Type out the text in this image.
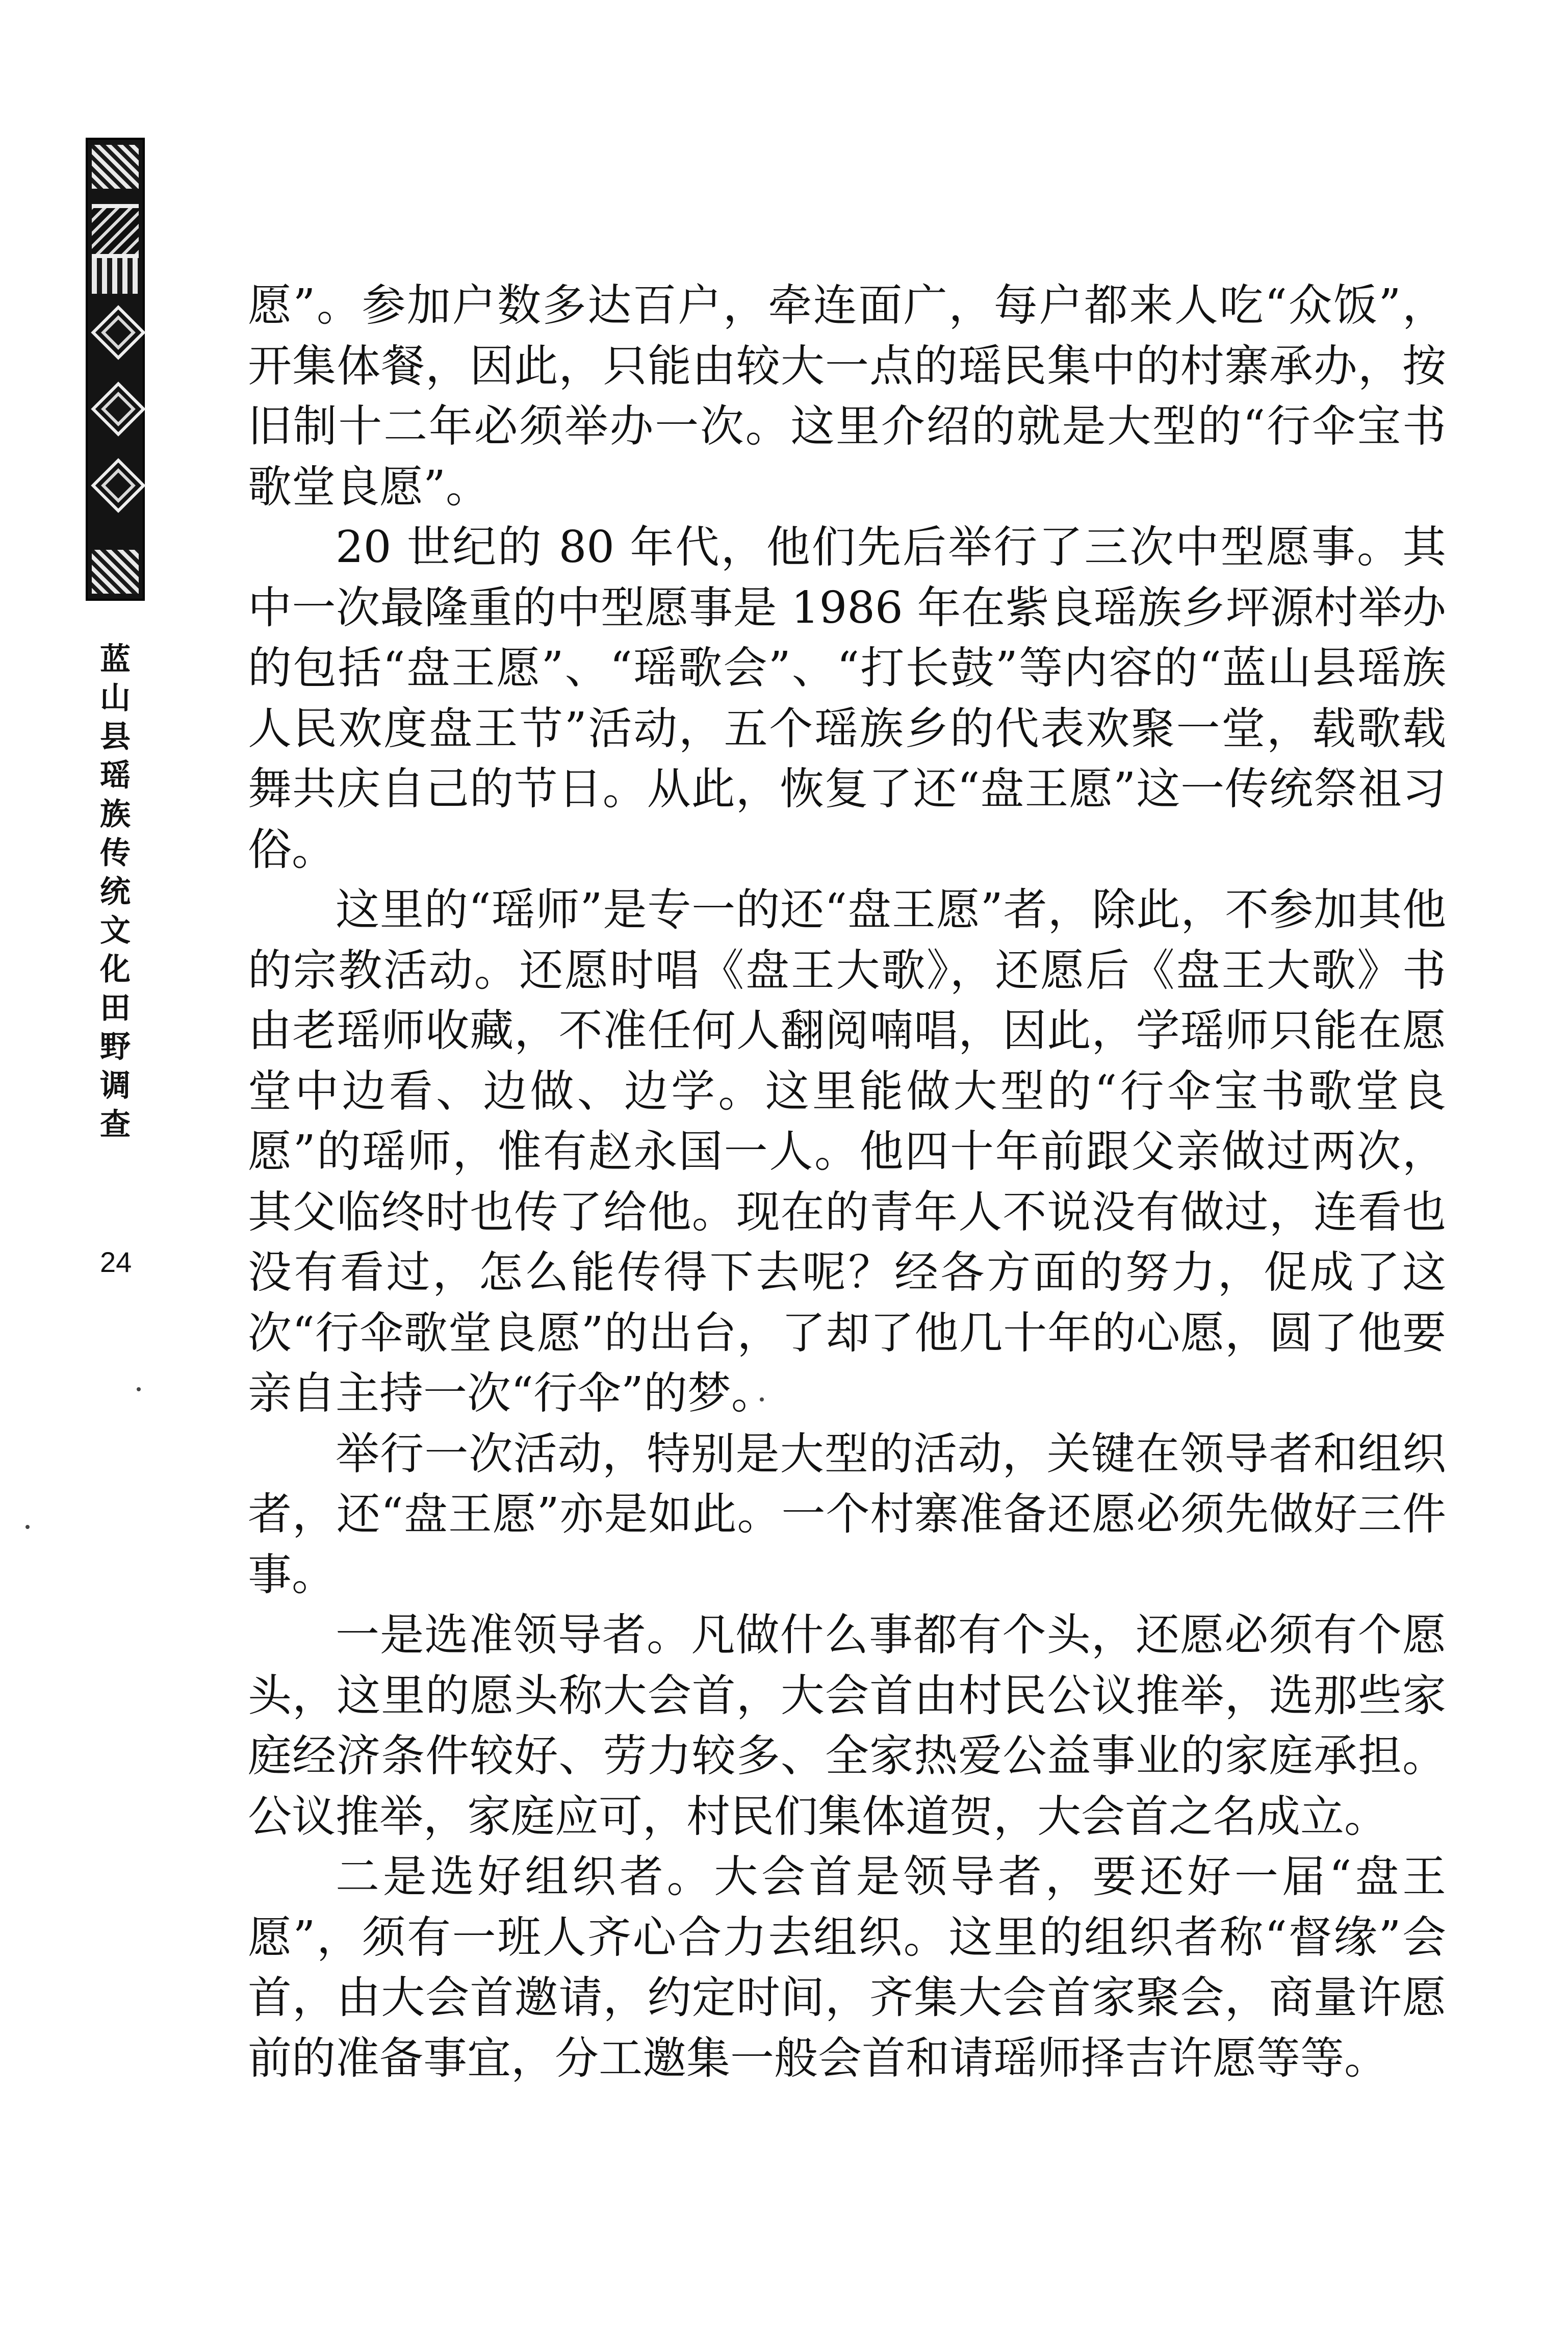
蓝山县瑶族传统文化田野调查
24

愿”。参加户数多达百户，牵连面广，每户都来人吃“众饭”，开集体餐，因此，只能由较大一点的瑶民集中的村寨承办，按旧制十二年必须举办一次。这里介绍的就是大型的“行伞宝书歌堂良愿”。

20 世纪的 80 年代，他们先后举行了三次中型愿事。其中一次最隆重的中型愿事是 1986 年在紫良瑶族乡坪源村举办的包括“盘王愿”、“瑶歌会”、“打长鼓”等内容的“蓝山县瑶族人民欢度盘王节”活动，五个瑶族乡的代表欢聚一堂，载歌载舞共庆自己的节日。从此，恢复了还“盘王愿”这一传统祭祖习俗。

这里的“瑶师”是专一的还“盘王愿”者，除此，不参加其他的宗教活动。还愿时唱《盘王大歌》，还愿后《盘王大歌》书由老瑶师收藏，不准任何人翻阅喃唱，因此，学瑶师只能在愿堂中边看、边做、边学。这里能做大型的“行伞宝书歌堂良愿”的瑶师，惟有赵永国一人。他四十年前跟父亲做过两次，其父临终时也传了给他。现在的青年人不说没有做过，连看也没有看过，怎么能传得下去呢？经各方面的努力，促成了这次“行伞歌堂良愿”的出台，了却了他几十年的心愿，圆了他要亲自主持一次“行伞”的梦。

举行一次活动，特别是大型的活动，关键在领导者和组织者，还“盘王愿”亦是如此。一个村寨准备还愿必须先做好三件事。

一是选准领导者。凡做什么事都有个头，还愿必须有个愿头，这里的愿头称大会首，大会首由村民公议推举，选那些家庭经济条件较好、劳力较多、全家热爱公益事业的家庭承担。公议推举，家庭应可，村民们集体道贺，大会首之名成立。

二是选好组织者。大会首是领导者，要还好一届“盘王愿”，须有一班人齐心合力去组织。这里的组织者称“督缘”会首，由大会首邀请，约定时间，齐集大会首家聚会，商量许愿前的准备事宜，分工邀集一般会首和请瑶师择吉许愿等等。
